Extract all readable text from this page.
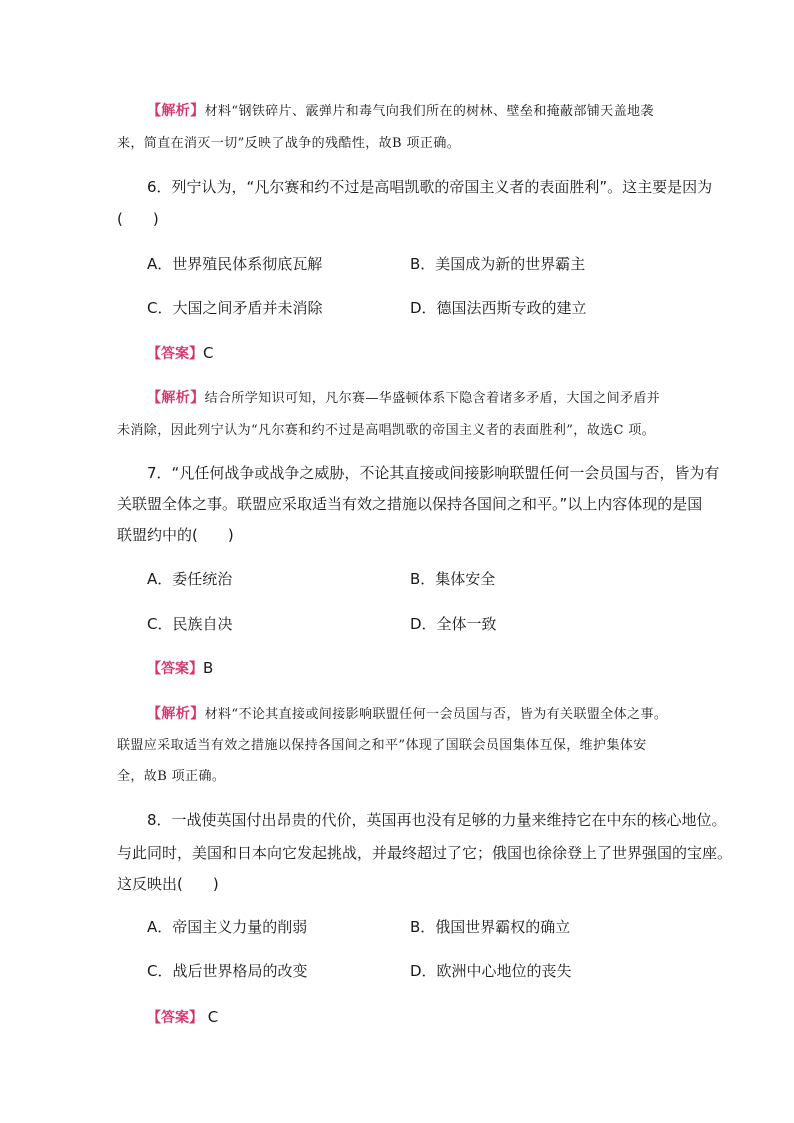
【解析】材料“钢铁碎片、霰弹片和毒气向我们所在的树林、壁垒和掩蔽部铺天盖地袭
来，简直在消灭一切”反映了战争的残酷性，故B 项正确。
6．列宁认为，“凡尔赛和约不过是高唱凯歌的帝国主义者的表面胜利”。这主要是因为
(　　)
A．世界殖民体系彻底瓦解	B．美国成为新的世界霸主
C．大国之间矛盾并未消除	D．德国法西斯专政的建立
【答案】C
【解析】结合所学知识可知，凡尔赛—华盛顿体系下隐含着诸多矛盾，大国之间矛盾并
未消除，因此列宁认为“凡尔赛和约不过是高唱凯歌的帝国主义者的表面胜利”，故选C 项。
7．“凡任何战争或战争之威胁，不论其直接或间接影响联盟任何一会员国与否，皆为有
关联盟全体之事。联盟应采取适当有效之措施以保持各国间之和平。”以上内容体现的是国
联盟约中的(　　)
A．委任统治	B．集体安全
C．民族自决	D．全体一致
【答案】B
【解析】材料“不论其直接或间接影响联盟任何一会员国与否，皆为有关联盟全体之事。
联盟应采取适当有效之措施以保持各国间之和平”体现了国联会员国集体互保，维护集体安
全，故B 项正确。
8．一战使英国付出昂贵的代价，英国再也没有足够的力量来维持它在中东的核心地位。
与此同时，美国和日本向它发起挑战，并最终超过了它；俄国也徐徐登上了世界强国的宝座。
这反映出(　　)
A．帝国主义力量的削弱	B．俄国世界霸权的确立
C．战后世界格局的改变	D．欧洲中心地位的丧失
【答案】 C
